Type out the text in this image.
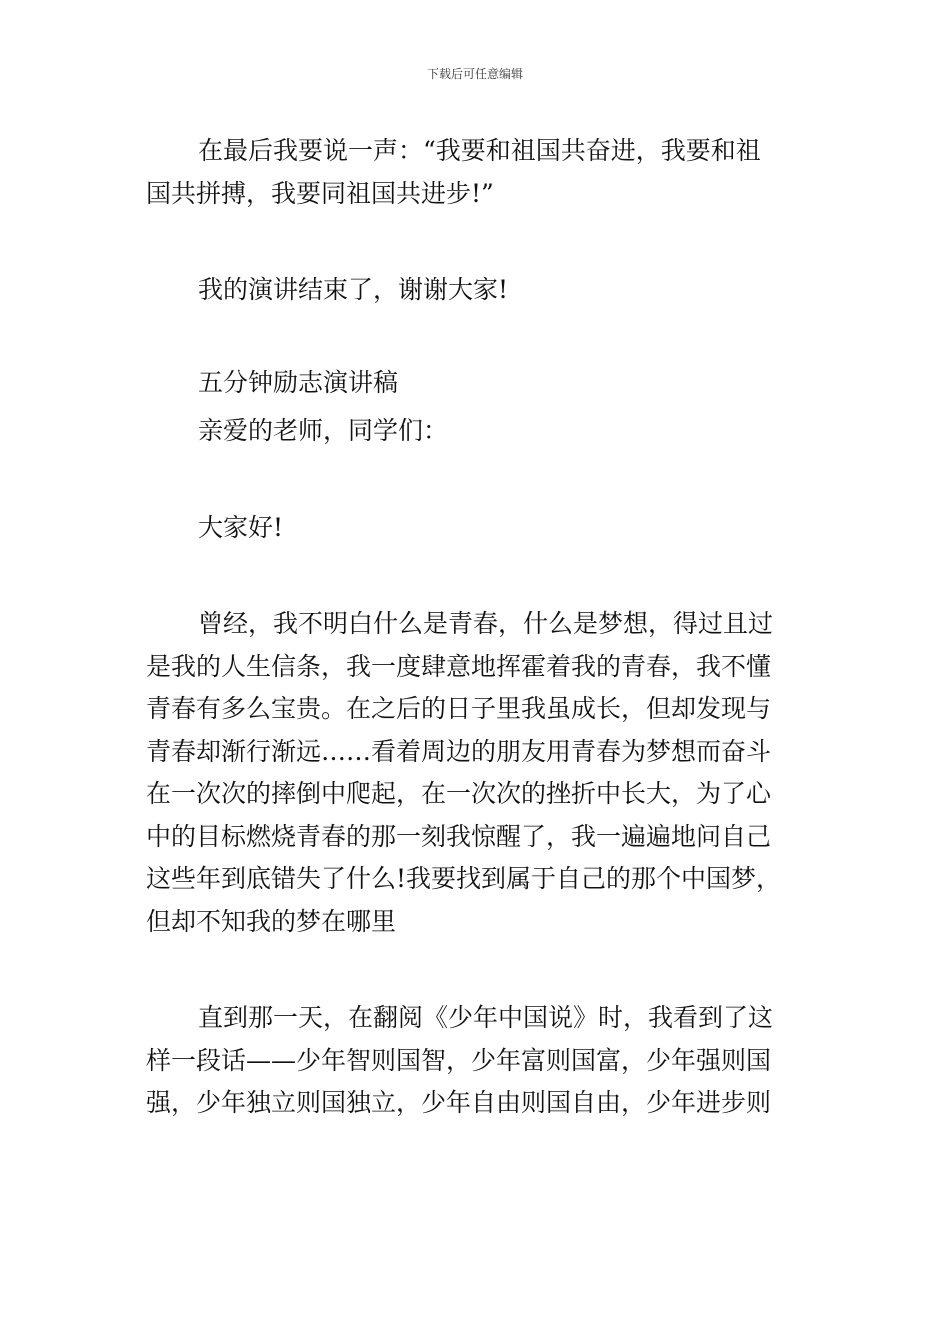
下载后可任意编辑
在最后我要说一声：“我要和祖国共奋进，我要和祖
国共拼搏，我要同祖国共进步!”
我的演讲结束了，谢谢大家!
五分钟励志演讲稿
亲爱的老师，同学们：
大家好!
曾经，我不明白什么是青春，什么是梦想，得过且过
是我的人生信条，我一度肆意地挥霍着我的青春，我不懂
青春有多么宝贵。在之后的日子里我虽成长，但却发现与
青春却渐行渐远……看着周边的朋友用青春为梦想而奋斗
在一次次的摔倒中爬起，在一次次的挫折中长大，为了心
中的目标燃烧青春的那一刻我惊醒了，我一遍遍地问自己
这些年到底错失了什么!我要找到属于自己的那个中国梦，
但却不知我的梦在哪里
直到那一天，在翻阅《少年中国说》时，我看到了这
样一段话——少年智则国智，少年富则国富，少年强则国
强，少年独立则国独立，少年自由则国自由，少年进步则
